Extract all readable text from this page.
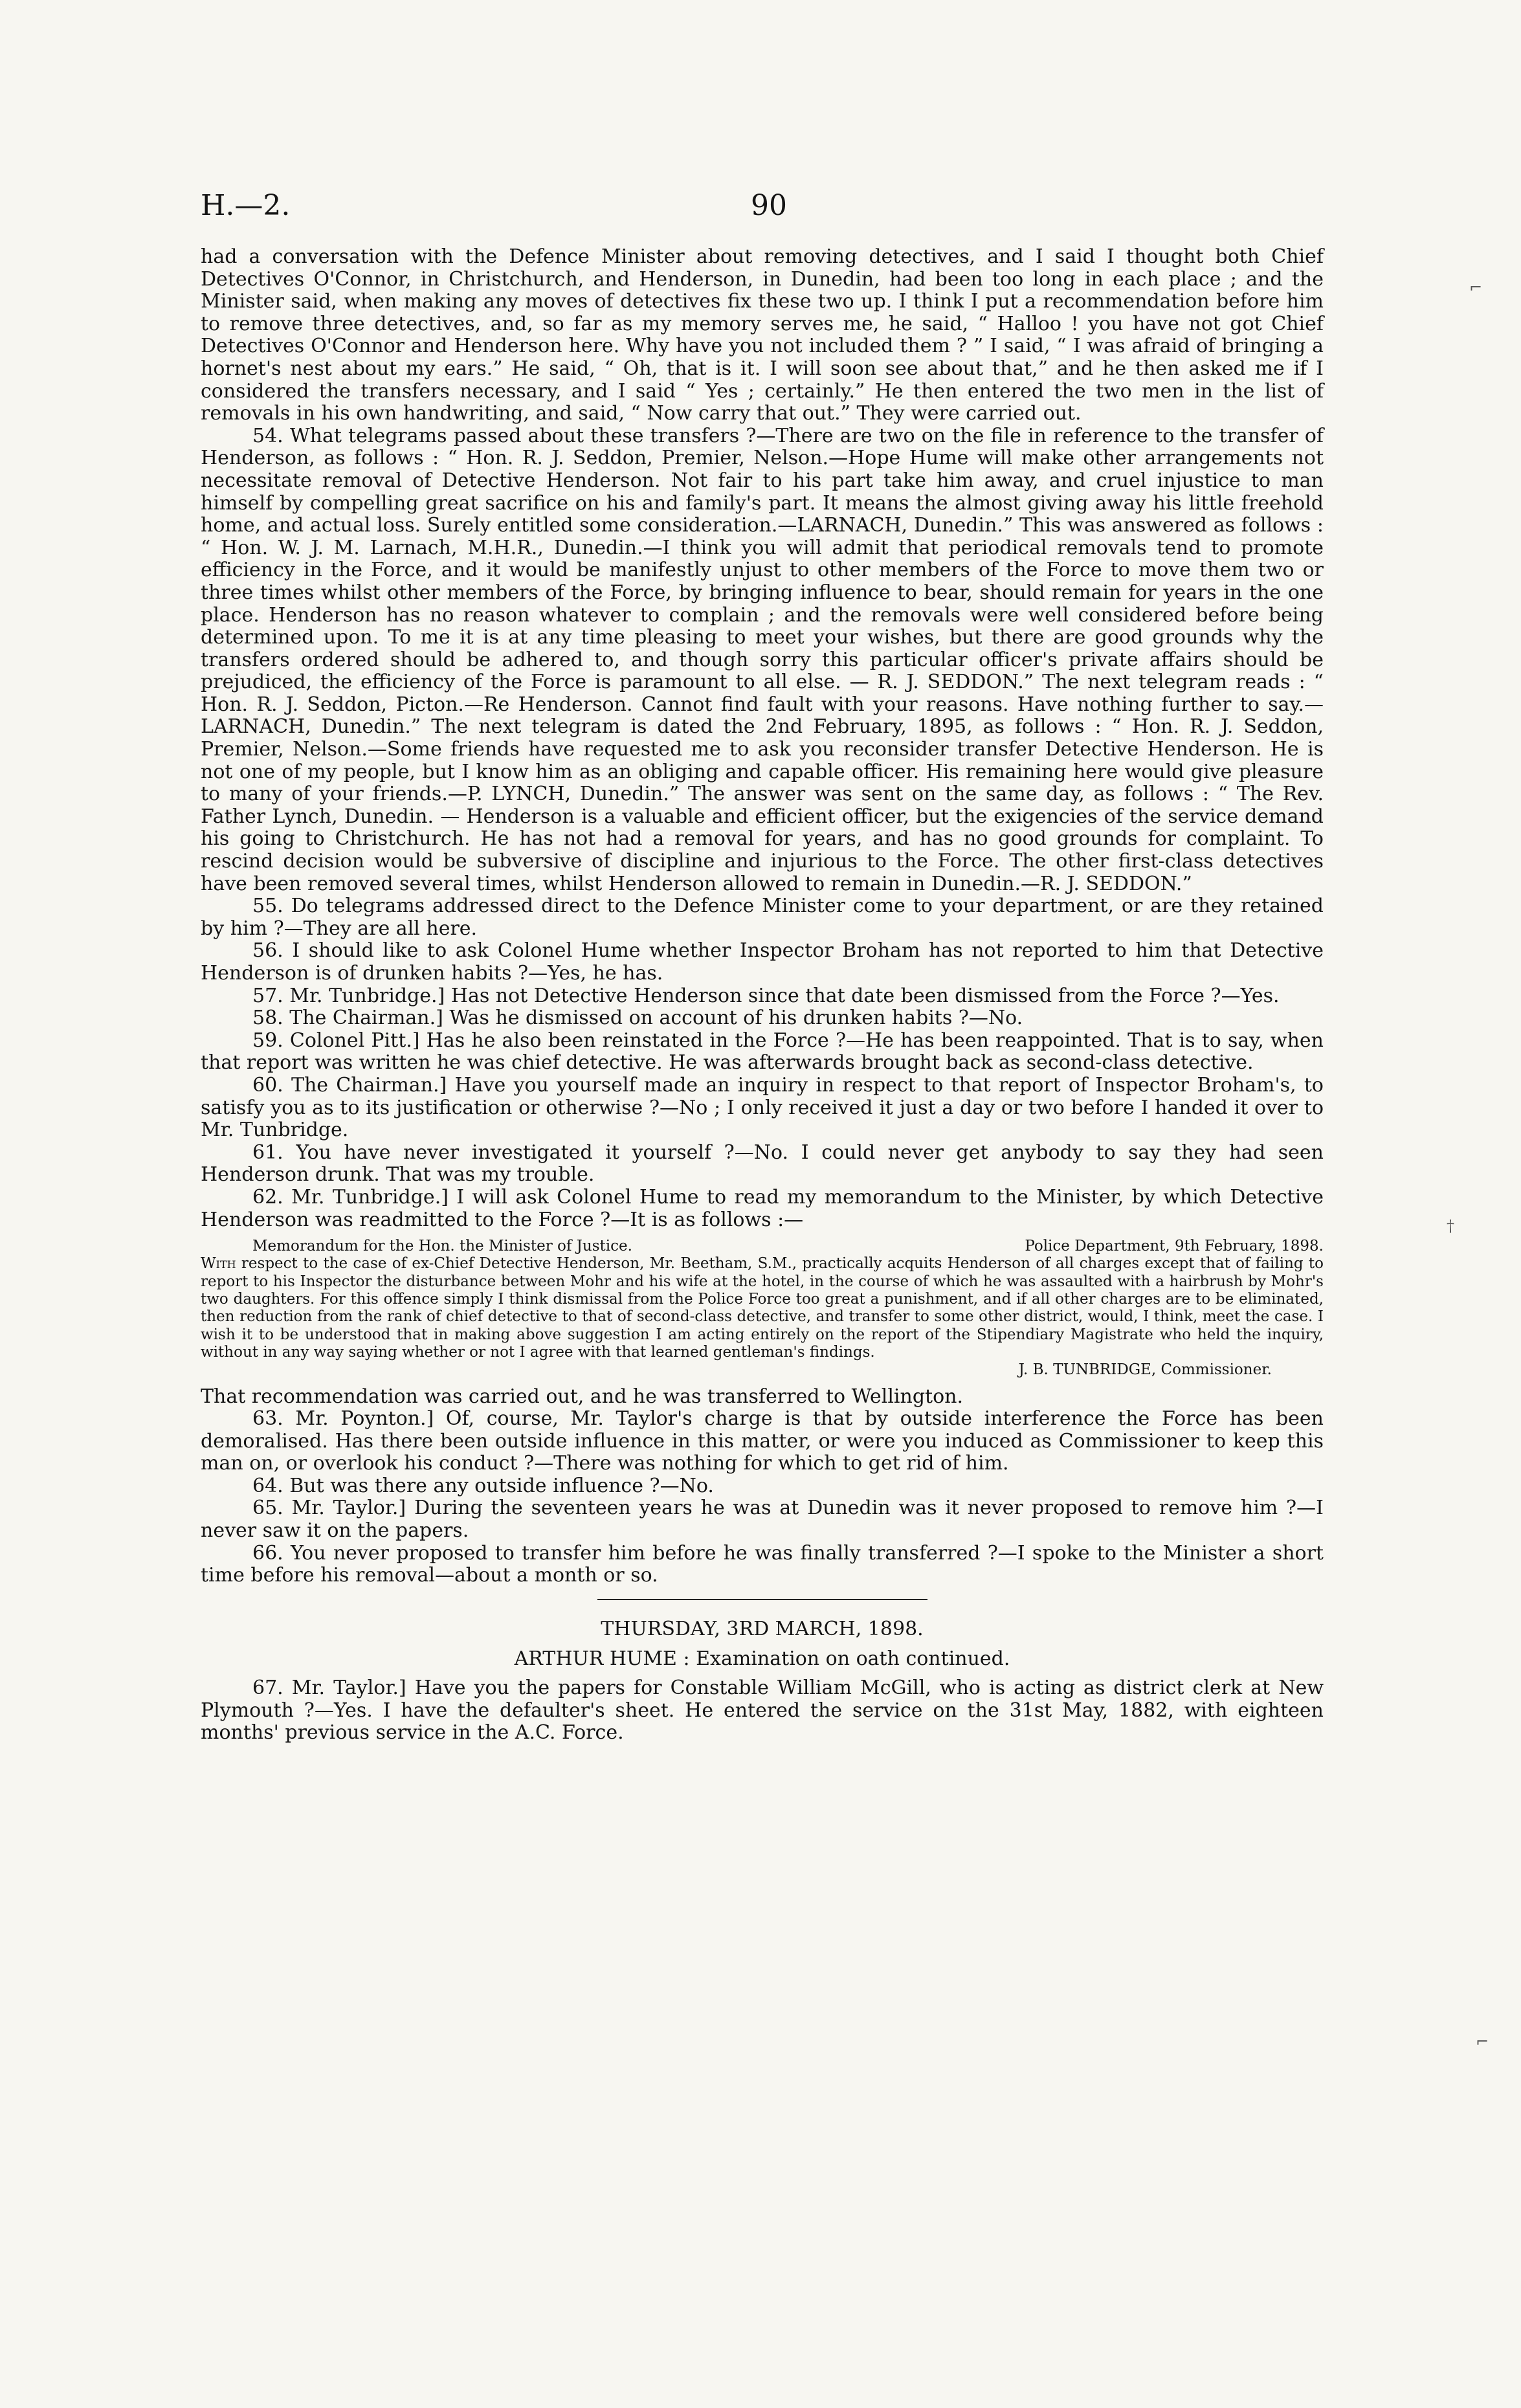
H.—2.	90

had a conversation with the Defence Minister about removing detectives, and I said I thought both Chief Detectives O'Connor, in Christchurch, and Henderson, in Dunedin, had been too long in each place ; and the Minister said, when making any moves of detectives fix these two up. I think I put a recommendation before him to remove three detectives, and, so far as my memory serves me, he said, “ Halloo ! you have not got Chief Detectives O'Connor and Henderson here. Why have you not included them ? ” I said, “ I was afraid of bringing a hornet's nest about my ears.” He said, “ Oh, that is it. I will soon see about that,” and he then asked me if I considered the transfers necessary, and I said “ Yes ; certainly.” He then entered the two men in the list of removals in his own handwriting, and said, “ Now carry that out.” They were carried out.

54. What telegrams passed about these transfers ?—There are two on the file in reference to the transfer of Henderson, as follows : “ Hon. R. J. Seddon, Premier, Nelson.—Hope Hume will make other arrangements not necessitate removal of Detective Henderson. Not fair to his part take him away, and cruel injustice to man himself by compelling great sacrifice on his and family's part. It means the almost giving away his little freehold home, and actual loss. Surely entitled some consideration.—LARNACH, Dunedin.” This was answered as follows : “ Hon. W. J. M. Larnach, M.H.R., Dunedin.—I think you will admit that periodical removals tend to promote efficiency in the Force, and it would be manifestly unjust to other members of the Force to move them two or three times whilst other members of the Force, by bringing influence to bear, should remain for years in the one place. Henderson has no reason whatever to complain ; and the removals were well considered before being determined upon. To me it is at any time pleasing to meet your wishes, but there are good grounds why the transfers ordered should be adhered to, and though sorry this particular officer's private affairs should be prejudiced, the efficiency of the Force is paramount to all else. — R. J. SEDDON.” The next telegram reads : “ Hon. R. J. Seddon, Picton.—Re Henderson. Cannot find fault with your reasons. Have nothing further to say.—LARNACH, Dunedin.” The next telegram is dated the 2nd February, 1895, as follows : “ Hon. R. J. Seddon, Premier, Nelson.—Some friends have requested me to ask you reconsider transfer Detective Henderson. He is not one of my people, but I know him as an obliging and capable officer. His remaining here would give pleasure to many of your friends.—P. LYNCH, Dunedin.” The answer was sent on the same day, as follows : “ The Rev. Father Lynch, Dunedin. — Henderson is a valuable and efficient officer, but the exigencies of the service demand his going to Christchurch. He has not had a removal for years, and has no good grounds for complaint. To rescind decision would be subversive of discipline and injurious to the Force. The other first-class detectives have been removed several times, whilst Henderson allowed to remain in Dunedin.—R. J. SEDDON.”

55. Do telegrams addressed direct to the Defence Minister come to your department, or are they retained by him ?—They are all here.

56. I should like to ask Colonel Hume whether Inspector Broham has not reported to him that Detective Henderson is of drunken habits ?—Yes, he has.

57. Mr. Tunbridge.] Has not Detective Henderson since that date been dismissed from the Force ?—Yes.

58. The Chairman.] Was he dismissed on account of his drunken habits ?—No.

59. Colonel Pitt.] Has he also been reinstated in the Force ?—He has been reappointed. That is to say, when that report was written he was chief detective. He was afterwards brought back as second-class detective.

60. The Chairman.] Have you yourself made an inquiry in respect to that report of Inspector Broham's, to satisfy you as to its justification or otherwise ?—No ; I only received it just a day or two before I handed it over to Mr. Tunbridge.

61. You have never investigated it yourself ?—No. I could never get anybody to say they had seen Henderson drunk. That was my trouble.

62. Mr. Tunbridge.] I will ask Colonel Hume to read my memorandum to the Minister, by which Detective Henderson was readmitted to the Force ?—It is as follows :—

Memorandum for the Hon. the Minister of Justice.	Police Department, 9th February, 1898.

With respect to the case of ex-Chief Detective Henderson, Mr. Beetham, S.M., practically acquits Henderson of all charges except that of failing to report to his Inspector the disturbance between Mohr and his wife at the hotel, in the course of which he was assaulted with a hairbrush by Mohr's two daughters. For this offence simply I think dismissal from the Police Force too great a punishment, and if all other charges are to be eliminated, then reduction from the rank of chief detective to that of second-class detective, and transfer to some other district, would, I think, meet the case. I wish it to be understood that in making above suggestion I am acting entirely on the report of the Stipendiary Magistrate who held the inquiry, without in any way saying whether or not I agree with that learned gentleman's findings.

J. B. TUNBRIDGE, Commissioner.

That recommendation was carried out, and he was transferred to Wellington.

63. Mr. Poynton.] Of, course, Mr. Taylor's charge is that by outside interference the Force has been demoralised. Has there been outside influence in this matter, or were you induced as Commissioner to keep this man on, or overlook his conduct ?—There was nothing for which to get rid of him.

64. But was there any outside influence ?—No.

65. Mr. Taylor.] During the seventeen years he was at Dunedin was it never proposed to remove him ?—I never saw it on the papers.

66. You never proposed to transfer him before he was finally transferred ?—I spoke to the Minister a short time before his removal—about a month or so.

THURSDAY, 3RD MARCH, 1898.
ARTHUR HUME : Examination on oath continued.

67. Mr. Taylor.] Have you the papers for Constable William McGill, who is acting as district clerk at New Plymouth ?—Yes. I have the defaulter's sheet. He entered the service on the 31st May, 1882, with eighteen months' previous service in the A.C. Force.

⌐
†
⌐
